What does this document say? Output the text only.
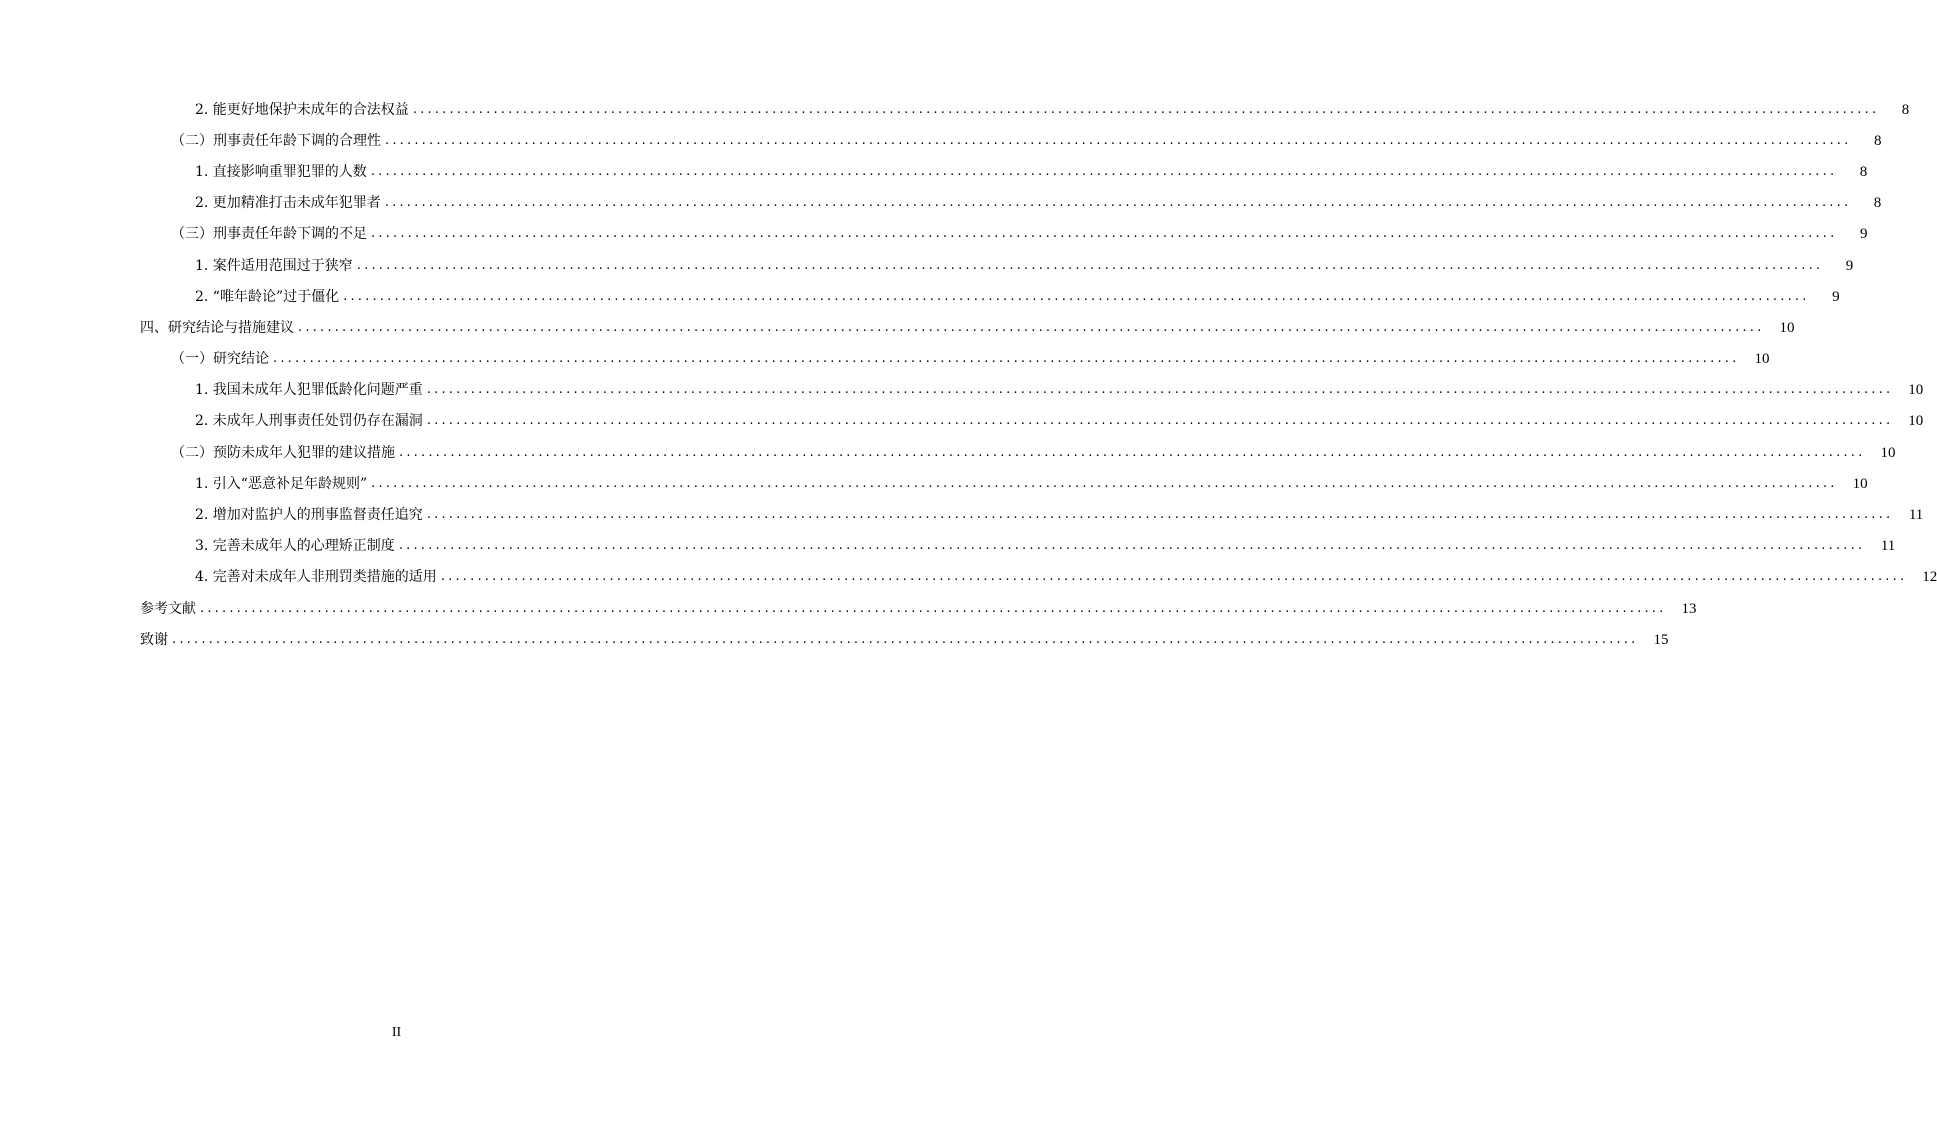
2. 能更好地保护未成年的合法权益 ........................................................................................................................................................................................................	8
（二）刑事责任年龄下调的合理性 ........................................................................................................................................................................................................	8
1. 直接影响重罪犯罪的人数 ........................................................................................................................................................................................................	8
2. 更加精准打击未成年犯罪者 ........................................................................................................................................................................................................	8
（三）刑事责任年龄下调的不足 ........................................................................................................................................................................................................	9
1. 案件适用范围过于狭窄 ........................................................................................................................................................................................................	9
2. “唯年龄论”过于僵化 ........................................................................................................................................................................................................	9
四、研究结论与措施建议 ........................................................................................................................................................................................................	10
（一）研究结论 ........................................................................................................................................................................................................	10
1. 我国未成年人犯罪低龄化问题严重 ........................................................................................................................................................................................................	10
2. 未成年人刑事责任处罚仍存在漏洞 ........................................................................................................................................................................................................	10
（二）预防未成年人犯罪的建议措施 ........................................................................................................................................................................................................	10
1. 引入“恶意补足年龄规则” ........................................................................................................................................................................................................	10
2. 增加对监护人的刑事监督责任追究 ........................................................................................................................................................................................................	11
3. 完善未成年人的心理矫正制度 ........................................................................................................................................................................................................	11
4. 完善对未成年人非刑罚类措施的适用 ........................................................................................................................................................................................................	12
参考文献 ........................................................................................................................................................................................................	13
致谢 ........................................................................................................................................................................................................	15
II
